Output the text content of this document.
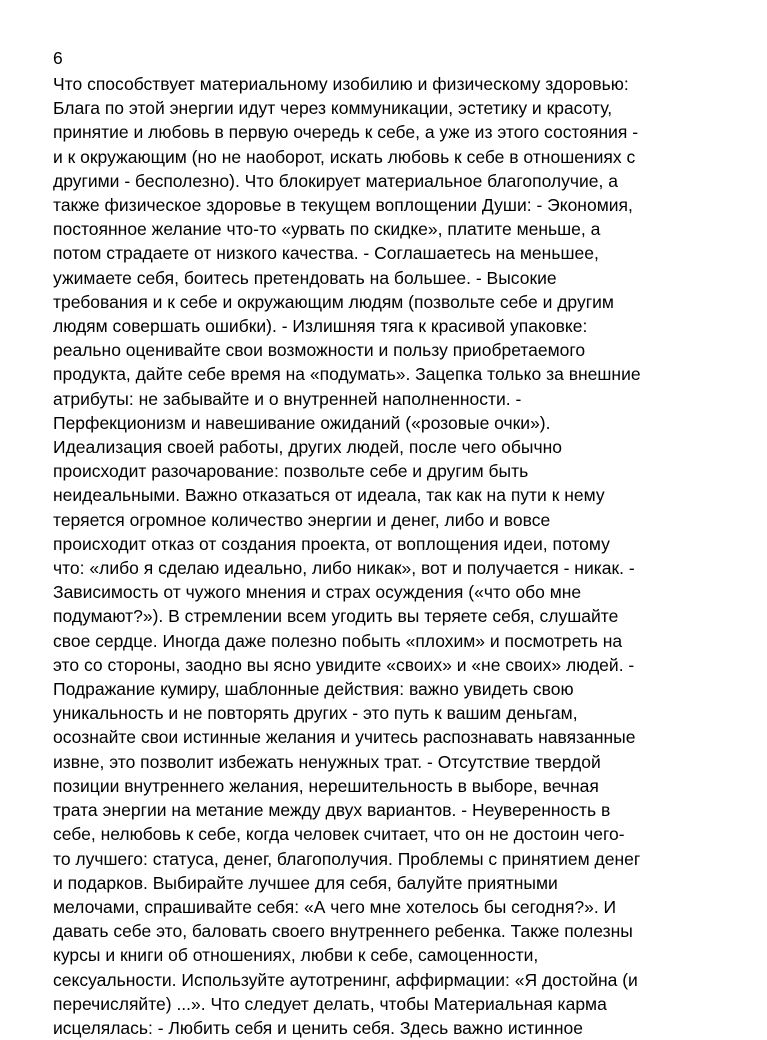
6

Что способствует материальному изобилию и физическому здоровью:
Блага по этой энергии идут через коммуникации, эстетику и красоту,
принятие и любовь в первую очередь к себе, а уже из этого состояния -
и к окружающим (но не наоборот, искать любовь к себе в отношениях с
другими - бесполезно). Что блокирует материальное благополучие, а
также физическое здоровье в текущем воплощении Души: - Экономия,
постоянное желание что-то «урвать по скидке», платите меньше, а
потом страдаете от низкого качества. - Соглашаетесь на меньшее,
ужимаете себя, боитесь претендовать на большее. - Высокие
требования и к себе и окружающим людям (позвольте себе и другим
людям совершать ошибки). - Излишняя тяга к красивой упаковке:
реально оценивайте свои возможности и пользу приобретаемого
продукта, дайте себе время на «подумать». Зацепка только за внешние
атрибуты: не забывайте и о внутренней наполненности. -
Перфекционизм и навешивание ожиданий («розовые очки»).
Идеализация своей работы, других людей, после чего обычно
происходит разочарование: позвольте себе и другим быть
неидеальными. Важно отказаться от идеала, так как на пути к нему
теряется огромное количество энергии и денег, либо и вовсе
происходит отказ от создания проекта, от воплощения идеи, потому
что: «либо я сделаю идеально, либо никак», вот и получается - никак. -
Зависимость от чужого мнения и страх осуждения («что обо мне
подумают?»). В стремлении всем угодить вы теряете себя, слушайте
свое сердце. Иногда даже полезно побыть «плохим» и посмотреть на
это со стороны, заодно вы ясно увидите «своих» и «не своих» людей. -
Подражание кумиру, шаблонные действия: важно увидеть свою
уникальность и не повторять других - это путь к вашим деньгам,
осознайте свои истинные желания и учитесь распознавать навязанные
извне, это позволит избежать ненужных трат. - Отсутствие твердой
позиции внутреннего желания, нерешительность в выборе, вечная
трата энергии на метание между двух вариантов. - Неуверенность в
себе, нелюбовь к себе, когда человек считает, что он не достоин чего-
то лучшего: статуса, денег, благополучия. Проблемы с принятием денег
и подарков. Выбирайте лучшее для себя, балуйте приятными
мелочами, спрашивайте себя: «А чего мне хотелось бы сегодня?». И
давать себе это, баловать своего внутреннего ребенка. Также полезны
курсы и книги об отношениях, любви к себе, самоценности,
сексуальности. Используйте аутотренинг, аффирмации: «Я достойна (и
перечисляйте) ...». Что следует делать, чтобы Материальная карма
исцелялась: - Любить себя и ценить себя. Здесь важно истинное
